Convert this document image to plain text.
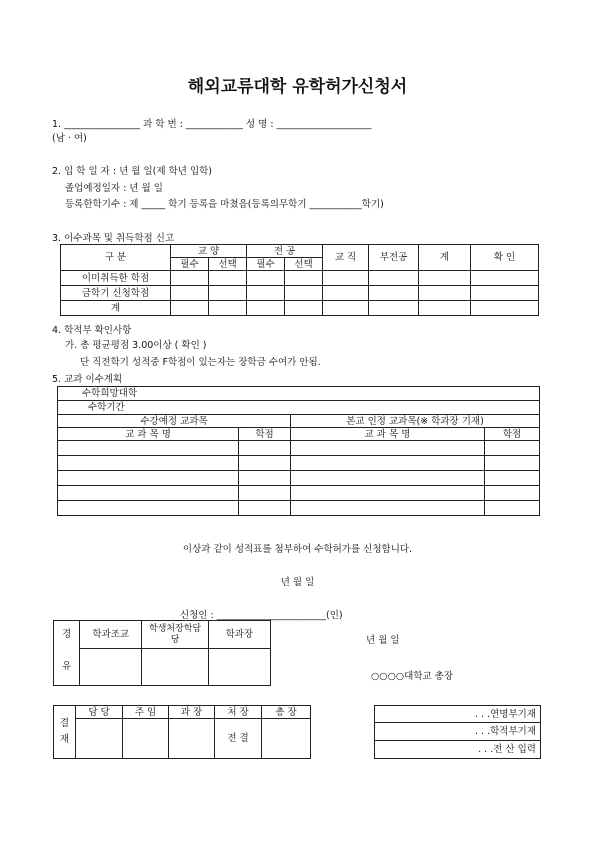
해외교류대학 유학허가신청서
1. ________________ 과 학 번 : ____________ 성 명 : ____________________
(남 · 여)
2. 입 학 일 자 : 년 월 일(제 학년 입학)
졸업예정일자 : 년 월 일
등록한학기수 : 제 _____ 학기 등록을 마쳤음(등록의무학기 ___________학기)
3. 이수과목 및 취득학점 신고
구 분	교 양		전 공		교 직	부전공	계	확 인
	필수	선택	필수	선택				
이미취득한 학점								
금학기 신청학점								
계								
4. 학적부 확인사항
가. 총 평균평점 3.00이상 ( 확인 )
단 직전학기 성적중 F학점이 있는자는 장학금 수여가 안됨.
5. 교과 이수계획
수학희망대학			
수학기간			
수강예정 교과목		본교 인정 교과목(※ 학과장 기재)	
교 과 목 명	학점	교 과 목 명	학점

이상과 같이 성적표를 첨부하여 수학허가를 신청합니다.
년 월 일
신청인 : _______________________(인)
경	학과조교	학생처장학담당	학과장
유			
년 월 일
○○○○대학교 총장
결
재	담 당	주 임	과 장	처 장	총 장
				전 결	
. . .연명부기재
. . .학적부기재
. . .전 산 입력
